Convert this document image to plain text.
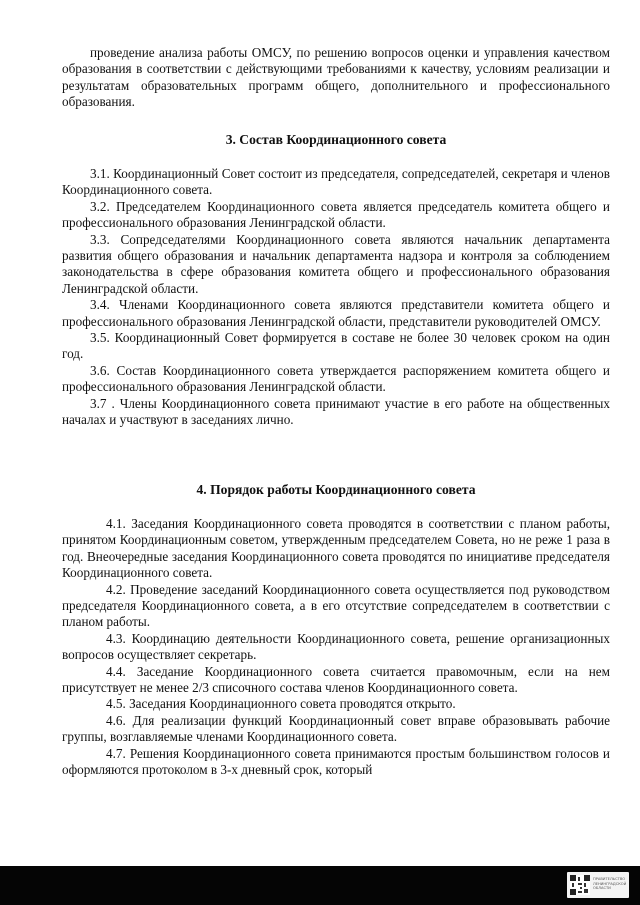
проведение анализа работы ОМСУ, по решению вопросов оценки и управления качеством образования в соответствии с действующими требованиями к качеству, условиям реализации и результатам образовательных программ общего, дополнительного и профессионального образования.

3. Состав Координационного совета

3.1. Координационный Совет состоит из председателя, сопредседателей, секретаря и членов Координационного совета.

3.2. Председателем Координационного совета является председатель комитета общего и профессионального образования Ленинградской области.

3.3. Сопредседателями Координационного совета являются начальник департамента развития общего образования и начальник департамента надзора и контроля за соблюдением законодательства в сфере образования комитета общего и профессионального образования Ленинградской области.

3.4. Членами Координационного совета являются представители комитета общего и профессионального образования Ленинградской области, представители руководителей ОМСУ.

3.5. Координационный Совет формируется в составе не более 30 человек сроком на один год.

3.6. Состав Координационного совета утверждается распоряжением комитета общего и профессионального образования Ленинградской области.

3.7 . Члены Координационного совета принимают участие в его работе на общественных началах и участвуют в заседаниях лично.

4. Порядок работы Координационного совета

4.1. Заседания Координационного совета проводятся в соответствии с планом работы, принятом Координационным советом, утвержденным председателем Совета, но не реже 1 раза в год. Внеочередные заседания Координационного совета проводятся по инициативе председателя Координационного совета.

4.2. Проведение заседаний Координационного совета осуществляется под руководством председателя Координационного совета, а в его отсутствие сопредседателем в соответствии с планом работы.

4.3. Координацию деятельности Координационного совета, решение организационных вопросов осуществляет секретарь.

4.4. Заседание Координационного совета считается правомочным, если на нем присутствует не менее 2/3 списочного состава членов Координационного совета.

4.5. Заседания Координационного совета проводятся открыто.

4.6. Для реализации функций Координационный совет вправе образовывать рабочие группы, возглавляемые членами Координационного совета.

4.7. Решения Координационного совета принимаются простым большинством голосов и оформляются протоколом в 3-х дневный срок, который

ПРАВИТЕЛЬСТВО ЛЕНИНГРАДСКОЙ ОБЛАСТИ
